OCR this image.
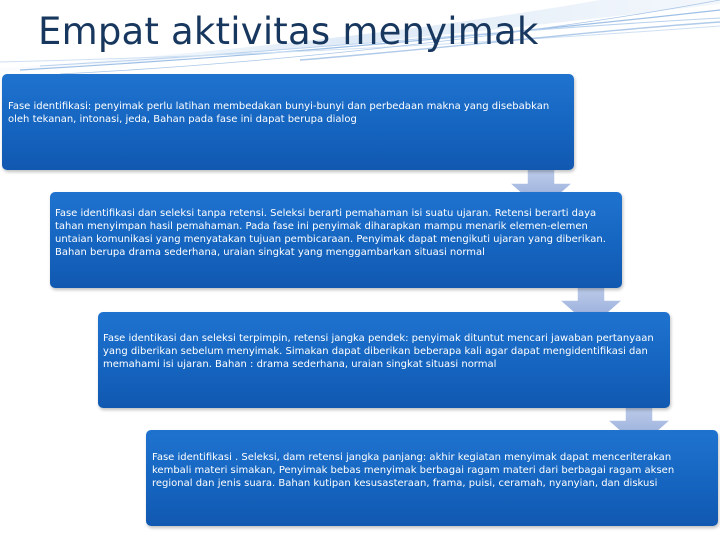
Empat aktivitas menyimak

Fase identifikasi: penyimak perlu latihan membedakan bunyi-bunyi dan perbedaan makna yang disebabkan oleh tekanan, intonasi, jeda, Bahan pada fase ini dapat berupa dialog

Fase identifikasi dan seleksi tanpa retensi. Seleksi berarti pemahaman isi suatu ujaran. Retensi berarti daya tahan menyimpan hasil pemahaman. Pada fase ini penyimak diharapkan mampu menarik elemen-elemen untaian komunikasi yang menyatakan tujuan pembicaraan. Penyimak dapat mengikuti ujaran yang diberikan. Bahan berupa drama sederhana, uraian singkat yang menggambarkan situasi normal

Fase identikasi dan seleksi terpimpin, retensi jangka pendek: penyimak dituntut mencari jawaban pertanyaan yang diberikan sebelum menyimak. Simakan dapat diberikan beberapa kali agar dapat mengidentifikasi dan memahami isi ujaran. Bahan : drama sederhana, uraian singkat situasi normal

Fase identifikasi . Seleksi, dam retensi jangka panjang: akhir kegiatan menyimak dapat menceriterakan kembali materi simakan, Penyimak bebas menyimak berbagai ragam materi dari berbagai ragam aksen regional dan jenis suara. Bahan kutipan kesusasteraan, frama, puisi, ceramah, nyanyian, dan diskusi
